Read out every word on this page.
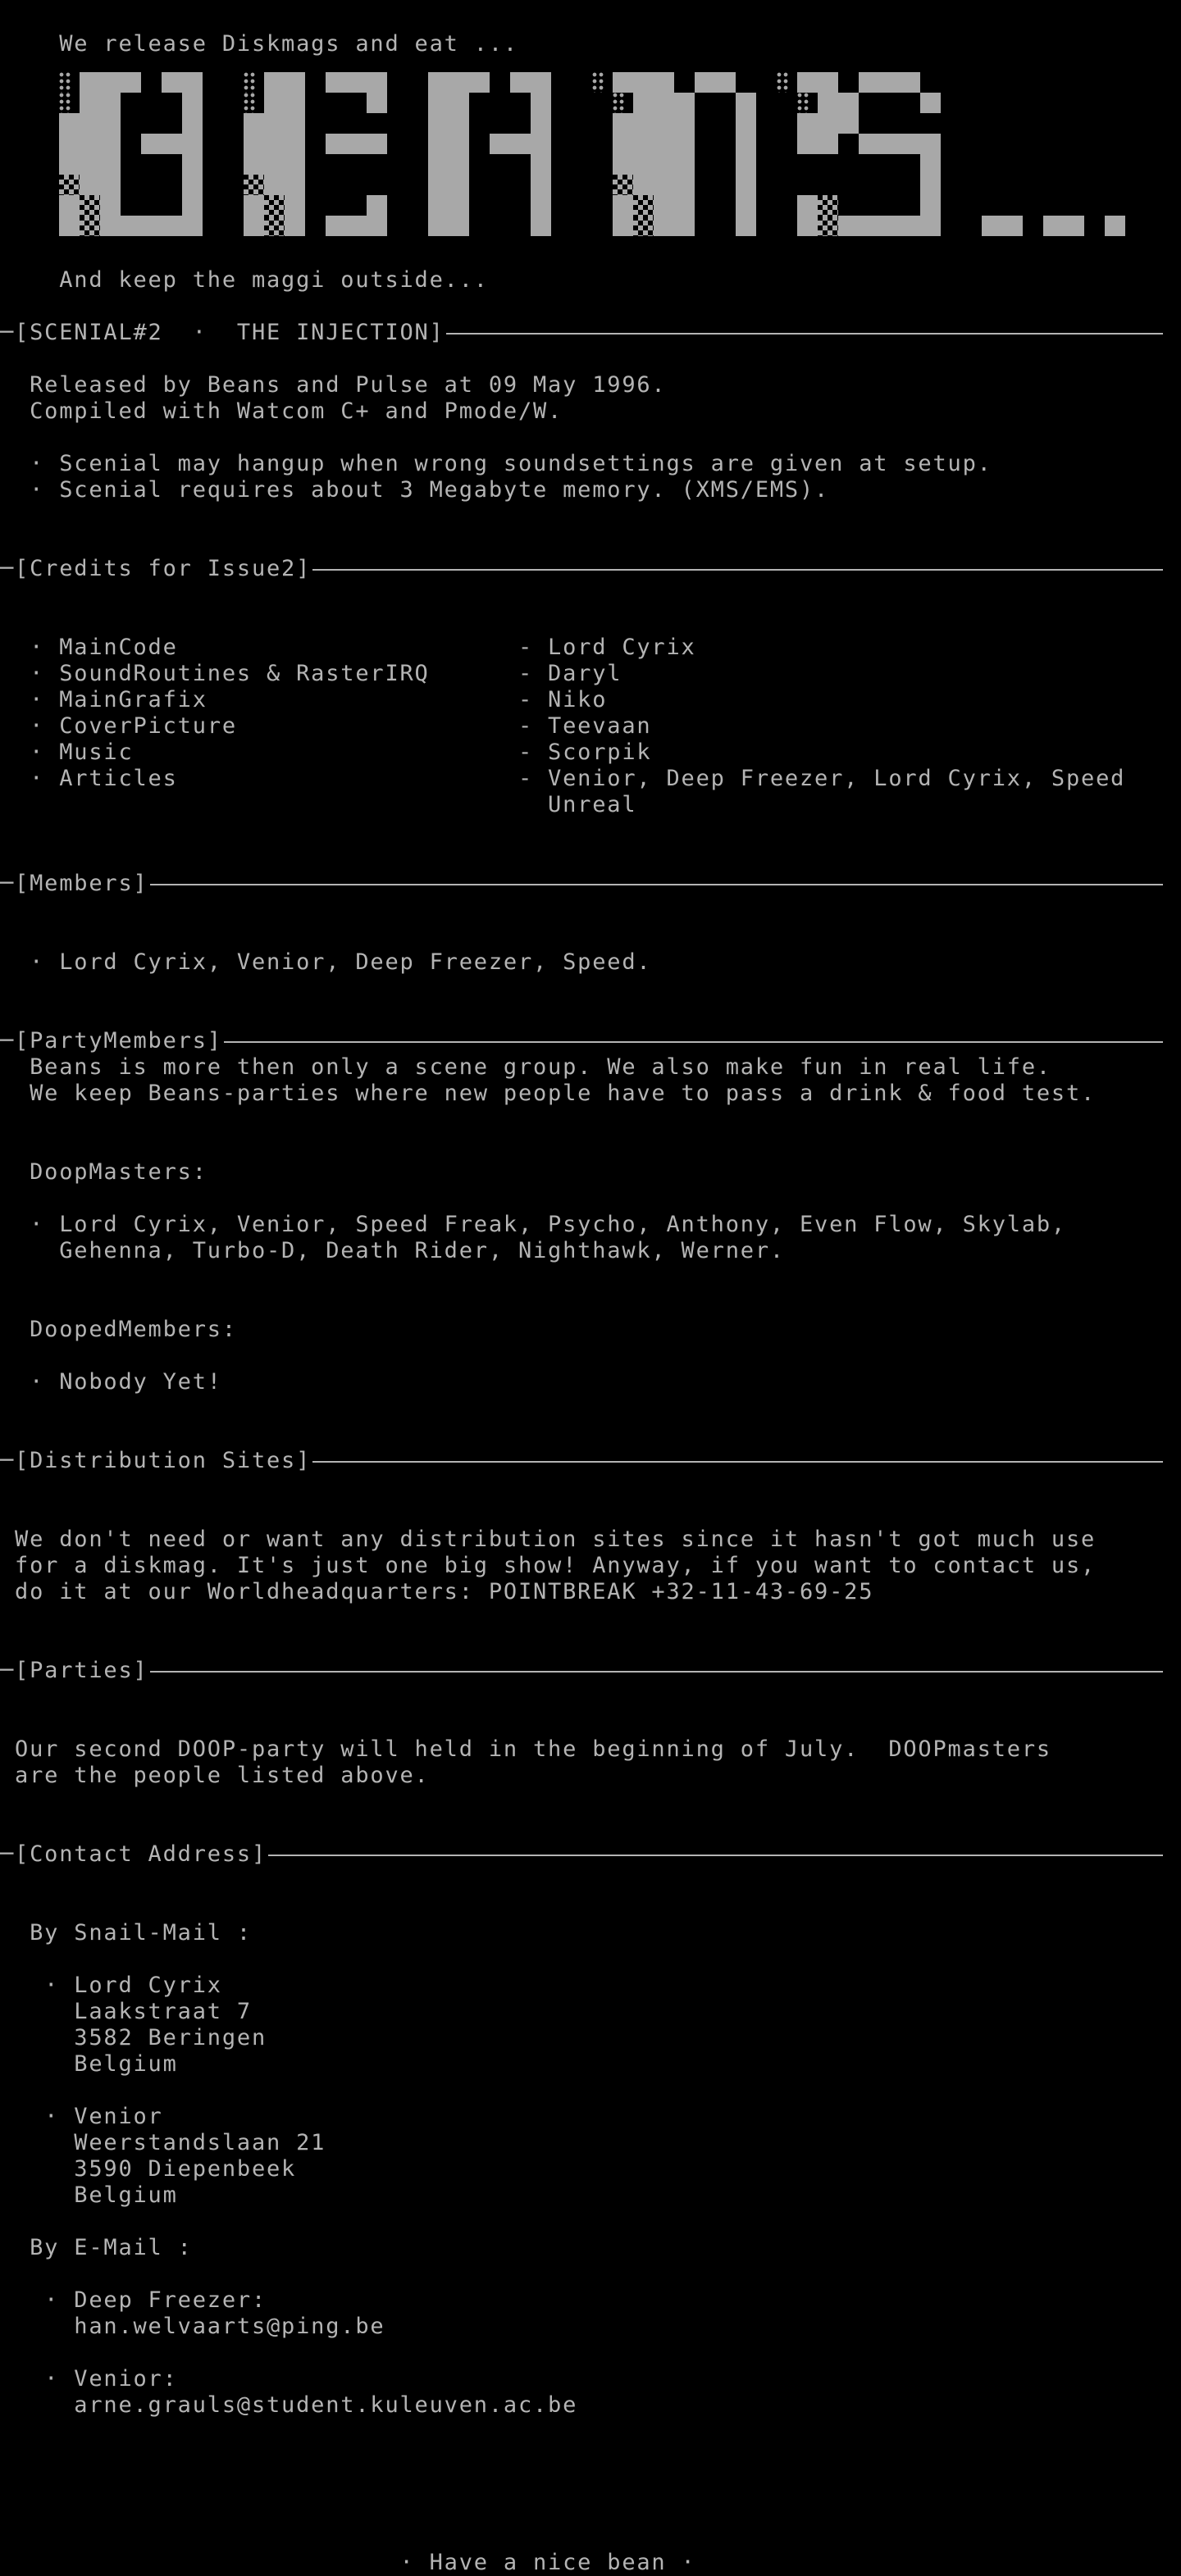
We release Diskmags and eat ...
And keep the maggi outside...
─[SCENIAL#2  ·  THE INJECTION]
Released by Beans and Pulse at 09 May 1996.
Compiled with Watcom C+ and Pmode/W.
· Scenial may hangup when wrong soundsettings are given at setup.
· Scenial requires about 3 Megabyte memory. (XMS/EMS).
─[Credits for Issue2]
· MainCode                       - Lord Cyrix
· SoundRoutines & RasterIRQ      - Daryl
· MainGrafix                     - Niko
· CoverPicture                   - Teevaan
· Music                          - Scorpik
· Articles                       - Venior, Deep Freezer, Lord Cyrix, Speed
Unreal
─[Members]
· Lord Cyrix, Venior, Deep Freezer, Speed.
─[PartyMembers]
Beans is more then only a scene group. We also make fun in real life.
We keep Beans-parties where new people have to pass a drink & food test.
DoopMasters:
· Lord Cyrix, Venior, Speed Freak, Psycho, Anthony, Even Flow, Skylab,
Gehenna, Turbo-D, Death Rider, Nighthawk, Werner.
DoopedMembers:
· Nobody Yet!
─[Distribution Sites]
We don't need or want any distribution sites since it hasn't got much use
for a diskmag. It's just one big show! Anyway, if you want to contact us,
do it at our Worldheadquarters: POINTBREAK +32-11-43-69-25
─[Parties]
Our second DOOP-party will held in the beginning of July.  DOOPmasters
are the people listed above.
─[Contact Address]
By Snail-Mail :
· Lord Cyrix
Laakstraat 7
3582 Beringen
Belgium
· Venior
Weerstandslaan 21
3590 Diepenbeek
Belgium
By E-Mail :
· Deep Freezer:
han.welvaarts@ping.be
· Venior:
arne.grauls@student.kuleuven.ac.be
· Have a nice bean ·
